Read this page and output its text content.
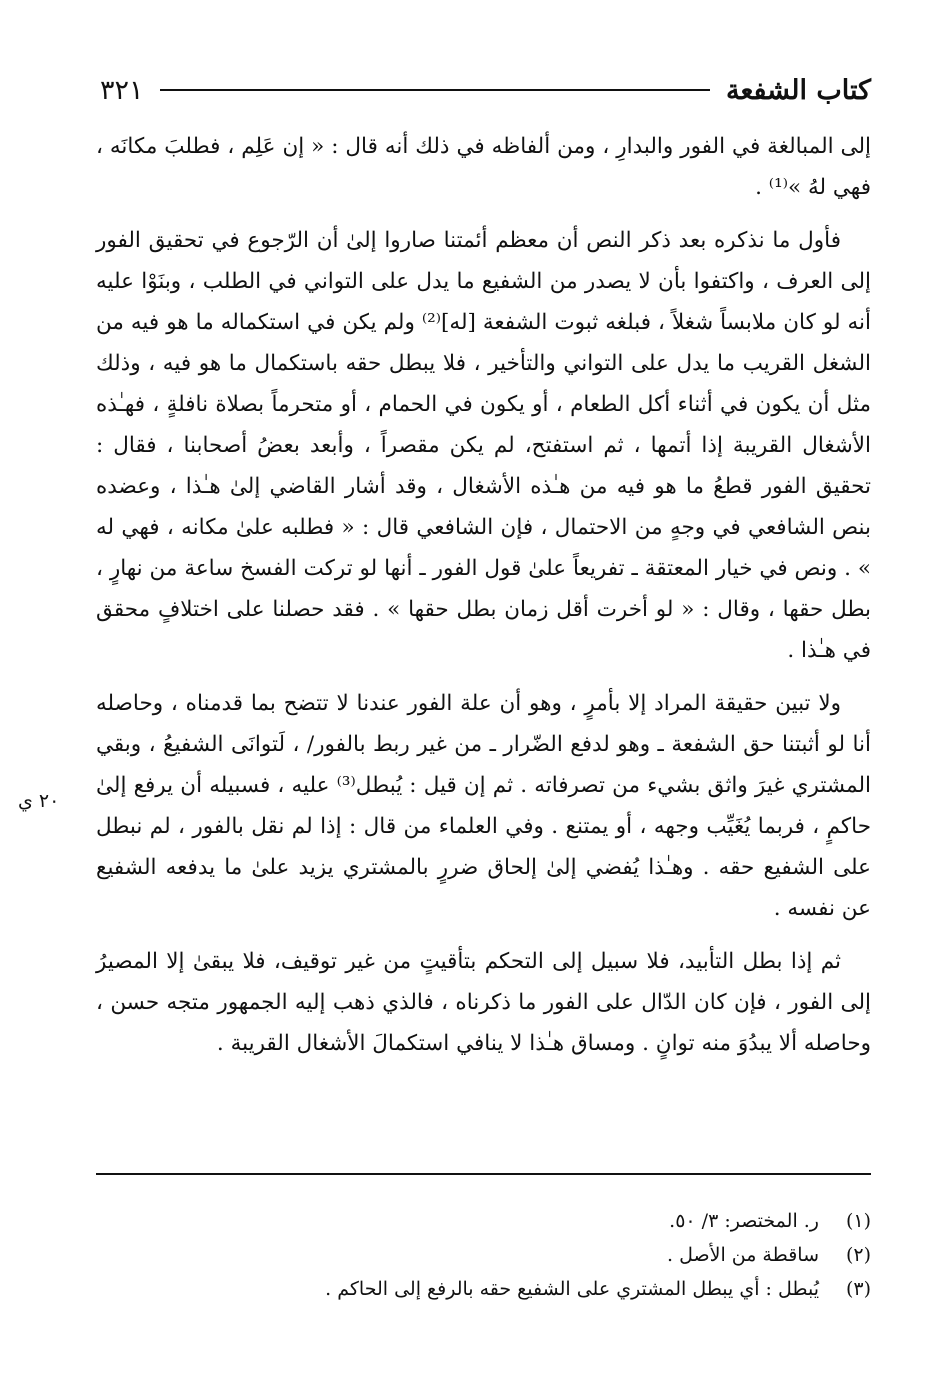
كتاب الشفعة
٣٢١

إلى المبالغة في الفور والبدارِ ، ومن ألفاظه في ذلك أنه قال : « إن عَلِم ، فطلبَ مكانَه ، فهي لهُ »⁽¹⁾ .

فأول ما نذكره بعد ذكر النص أن معظم أئمتنا صاروا إلىٰ أن الرّجوع في تحقيق الفور إلى العرف ، واكتفوا بأن لا يصدر من الشفيع ما يدل على التواني في الطلب ، وبنَوْا عليه أنه لو كان ملابساً شغلاً ، فبلغه ثبوت الشفعة [له]⁽²⁾ ولم يكن في استكماله ما هو فيه من الشغل القريب ما يدل على التواني والتأخير ، فلا يبطل حقه باستكمال ما هو فيه ، وذلك مثل أن يكون في أثناء أكل الطعام ، أو يكون في الحمام ، أو متحرماً بصلاة نافلةٍ ، فهـٰذه الأشغال القريبة إذا أتمها ، ثم استفتح، لم يكن مقصراً ، وأبعد بعضُ أصحابنا ، فقال : تحقيق الفور قطعُ ما هو فيه من هـٰذه الأشغال ، وقد أشار القاضي إلىٰ هـٰذا ، وعضده بنص الشافعي في وجهٍ من الاحتمال ، فإن الشافعي قال : « فطلبه علىٰ مكانه ، فهي له » . ونص في خيار المعتقة ـ تفريعاً علىٰ قول الفور ـ أنها لو تركت الفسخ ساعة من نهارٍ ، بطل حقها ، وقال : « لو أخرت أقل زمان بطل حقها » . فقد حصلنا على اختلافٍ محقق في هـٰذا .

ولا تبين حقيقة المراد إلا بأمرٍ ، وهو أن علة الفور عندنا لا تتضح بما قدمناه ، وحاصله أنا لو أثبتنا حق الشفعة ـ وهو لدفع الضّرار ـ من غير ربط بالفور/ ، لَتوانَى الشفيعُ ، وبقي المشتري غيرَ واثق بشيء من تصرفاته . ثم إن قيل : يُبطل⁽³⁾ عليه ، فسبيله أن يرفع إلىٰ حاكمٍ ، فربما يُغَيِّب وجهه ، أو يمتنع . وفي العلماء من قال : إذا لم نقل بالفور ، لم نبطل على الشفيع حقه . وهـٰذا يُفضي إلىٰ إلحاق ضررٍ بالمشتري يزيد علىٰ ما يدفعه الشفيع عن نفسه .

ثم إذا بطل التأبيد، فلا سبيل إلى التحكم بتأقيتٍ من غير توقيف، فلا يبقىٰ إلا المصيرُ إلى الفور ، فإن كان الدّال على الفور ما ذكرناه ، فالذي ذهب إليه الجمهور متجه حسن ، وحاصله ألا يبدُوَ منه توانٍ . ومساق هـٰذا لا ينافي استكمالَ الأشغال القريبة .

٢٠ ي
(١)
ر. المختصر: ٣/ ٥٠.
(٢)
ساقطة من الأصل .
(٣)
يُبطل : أي يبطل المشتري على الشفيع حقه بالرفع إلى الحاكم .
